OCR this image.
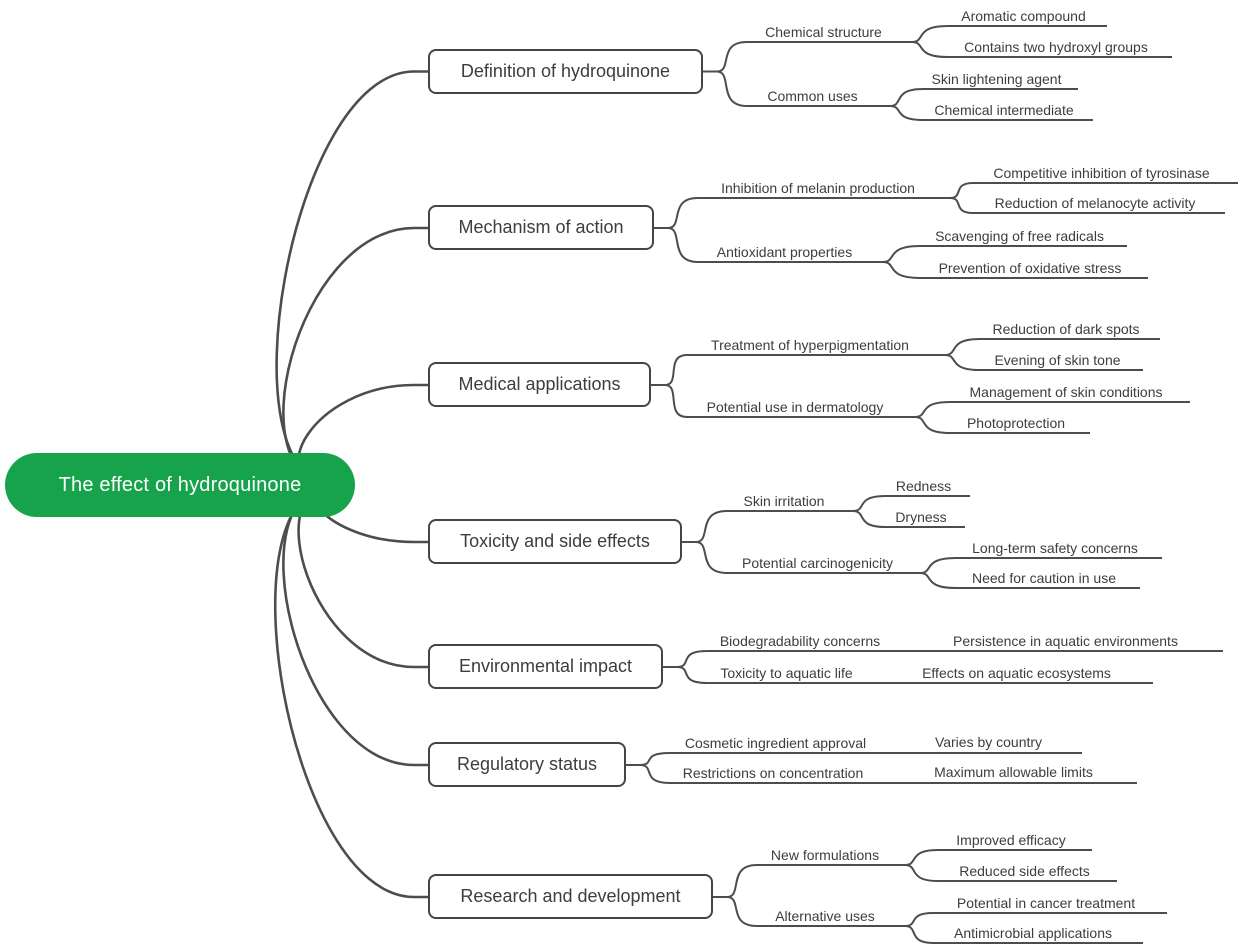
The effect of hydroquinone
Definition of hydroquinone
Mechanism of action
Medical applications
Toxicity and side effects
Environmental impact
Regulatory status
Research and development
Chemical structure
Aromatic compound
Contains two hydroxyl groups
Common uses
Skin lightening agent
Chemical intermediate
Inhibition of melanin production
Competitive inhibition of tyrosinase
Reduction of melanocyte activity
Antioxidant properties
Scavenging of free radicals
Prevention of oxidative stress
Treatment of hyperpigmentation
Reduction of dark spots
Evening of skin tone
Potential use in dermatology
Management of skin conditions
Photoprotection
Skin irritation
Redness
Dryness
Potential carcinogenicity
Long-term safety concerns
Need for caution in use
Biodegradability concerns	Persistence in aquatic environments
Toxicity to aquatic life	Effects on aquatic ecosystems
Cosmetic ingredient approval	Varies by country
Restrictions on concentration	Maximum allowable limits
New formulations
Improved efficacy
Reduced side effects
Alternative uses
Potential in cancer treatment
Antimicrobial applications
